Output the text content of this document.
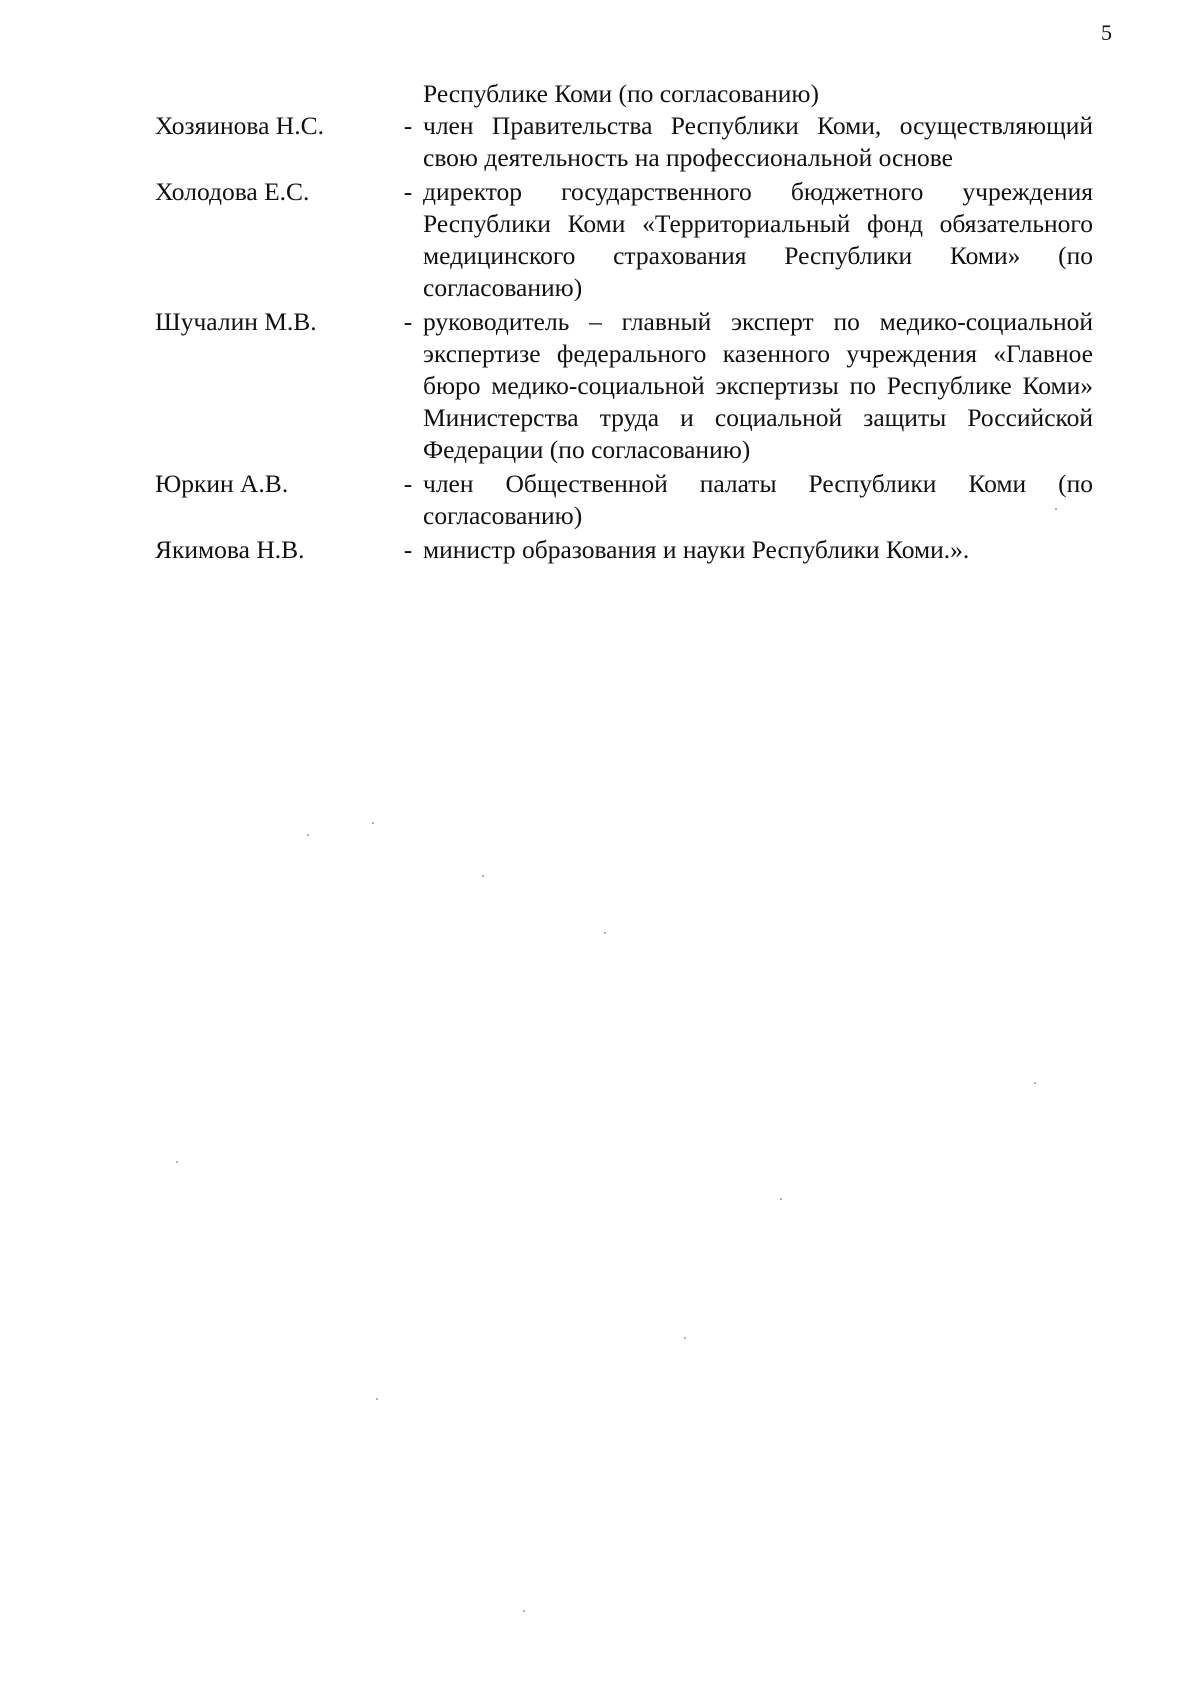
5
Республике Коми (по согласованию)
Хозяинова Н.С.	- член Правительства Республики Коми, осуществляющий свою деятельность на профессиональной основе
Холодова Е.С.	- директор государственного бюджетного учреждения Республики Коми «Территориальный фонд обязательного медицинского страхования Республики Коми» (по согласованию)
Шучалин М.В.	- руководитель – главный эксперт по медико-социальной экспертизе федерального казенного учреждения «Главное бюро медико-социальной экспертизы по Республике Коми» Министерства труда и социальной защиты Российской Федерации (по согласованию)
Юркин А.В.	- член Общественной палаты Республики Коми (по согласованию)
Якимова Н.В.	- министр образования и науки Республики Коми.».
